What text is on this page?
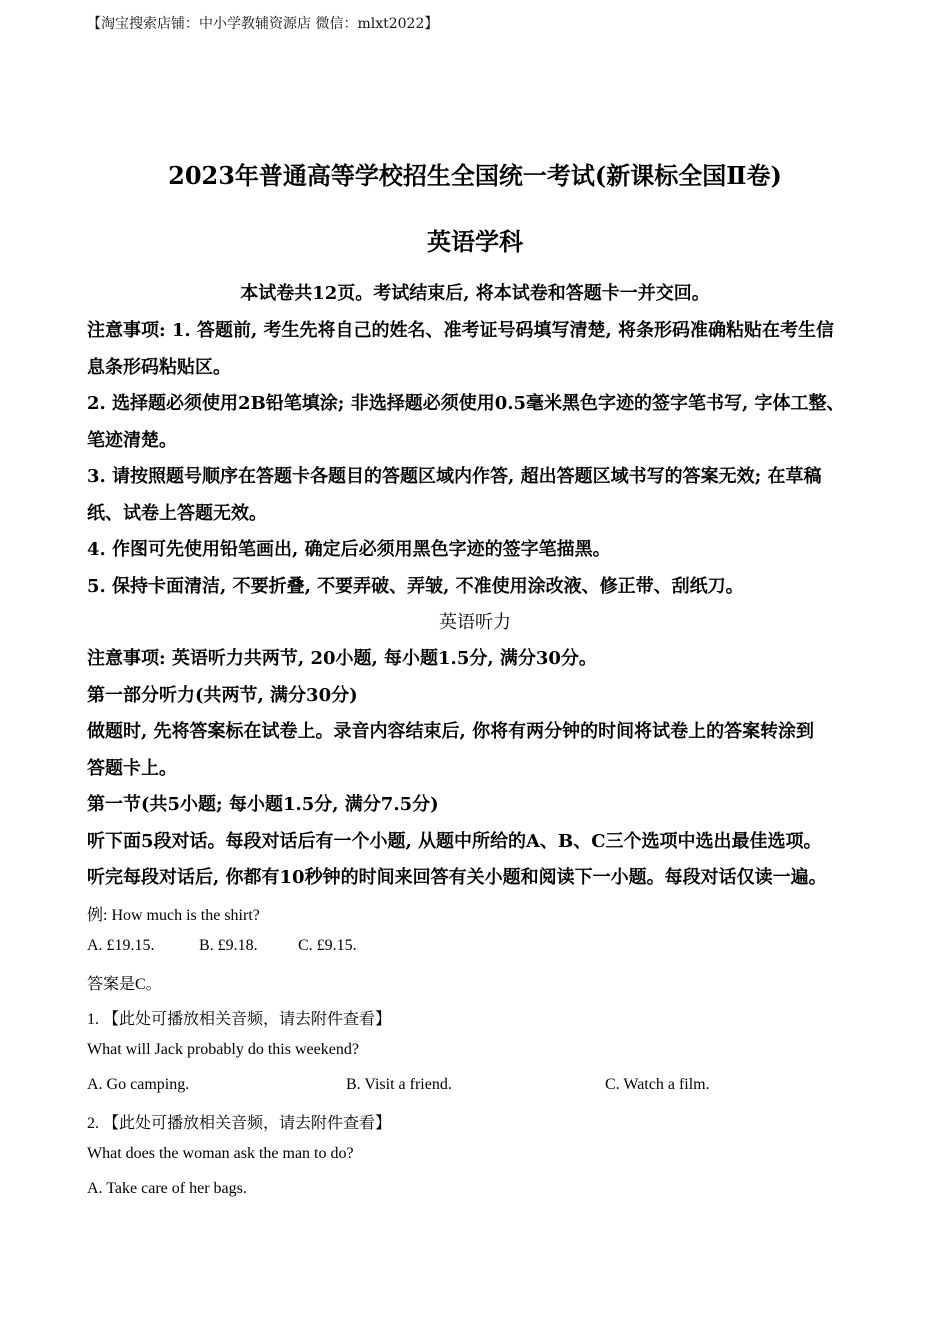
【淘宝搜索店铺：中小学教辅资源店 微信：mlxt2022】
2023年普通高等学校招生全国统一考试(新课标全国Ⅱ卷)
英语学科
本试卷共12页。考试结束后, 将本试卷和答题卡一并交回。
注意事项: 1. 答题前, 考生先将自己的姓名、准考证号码填写清楚, 将条形码准确粘贴在考生信
息条形码粘贴区。
2. 选择题必须使用2B铅笔填涂; 非选择题必须使用0.5毫米黑色字迹的签字笔书写, 字体工整、
笔迹清楚。
3. 请按照题号顺序在答题卡各题目的答题区域内作答, 超出答题区域书写的答案无效; 在草稿
纸、试卷上答题无效。
4. 作图可先使用铅笔画出, 确定后必须用黑色字迹的签字笔描黑。
5. 保持卡面清洁, 不要折叠, 不要弄破、弄皱, 不准使用涂改液、修正带、刮纸刀。
英语听力
注意事项: 英语听力共两节, 20小题, 每小题1.5分, 满分30分。
第一部分听力(共两节, 满分30分)
做题时, 先将答案标在试卷上。录音内容结束后, 你将有两分钟的时间将试卷上的答案转涂到
答题卡上。
第一节(共5小题; 每小题1.5分, 满分7.5分)
听下面5段对话。每段对话后有一个小题, 从题中所给的A、B、C三个选项中选出最佳选项。
听完每段对话后, 你都有10秒钟的时间来回答有关小题和阅读下一小题。每段对话仅读一遍。
例: How much is the shirt?
A. £19.15.	B. £9.18.	C. £9.15.
答案是C。
1. 【此处可播放相关音频，请去附件查看】
What will Jack probably do this weekend?
A. Go camping.	B. Visit a friend.	C. Watch a film.
2. 【此处可播放相关音频，请去附件查看】
What does the woman ask the man to do?
A. Take care of her bags.
